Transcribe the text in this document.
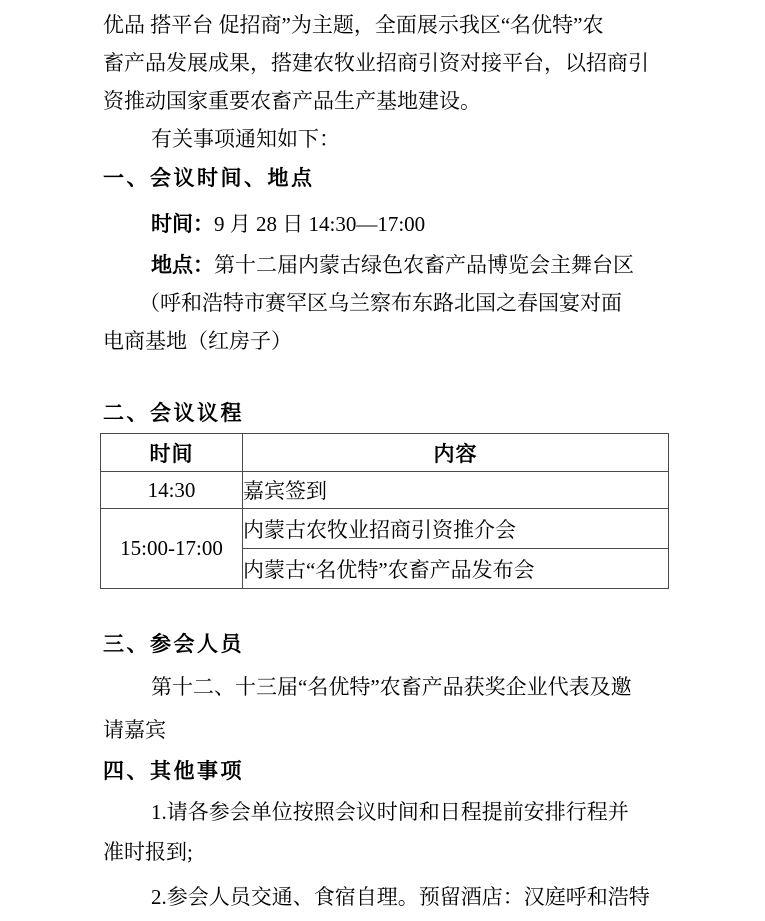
优品 搭平台 促招商”为主题，全面展示我区“名优特”农
畜产品发展成果，搭建农牧业招商引资对接平台，以招商引
资推动国家重要农畜产品生产基地建设。
有关事项通知如下：
一、会议时间、地点
时间：9 月 28 日 14:30—17:00
地点：第十二届内蒙古绿色农畜产品博览会主舞台区
（呼和浩特市赛罕区乌兰察布东路北国之春国宴对面
电商基地（红房子）
二、会议议程
时间	内容
14:30	嘉宾签到
15:00-17:00	内蒙古农牧业招商引资推介会
	内蒙古“名优特”农畜产品发布会
三、参会人员
第十二、十三届“名优特”农畜产品获奖企业代表及邀
请嘉宾
四、其他事项
1.请各参会单位按照会议时间和日程提前安排行程并
准时报到;
2.参会人员交通、食宿自理。预留酒店：汉庭呼和浩特
